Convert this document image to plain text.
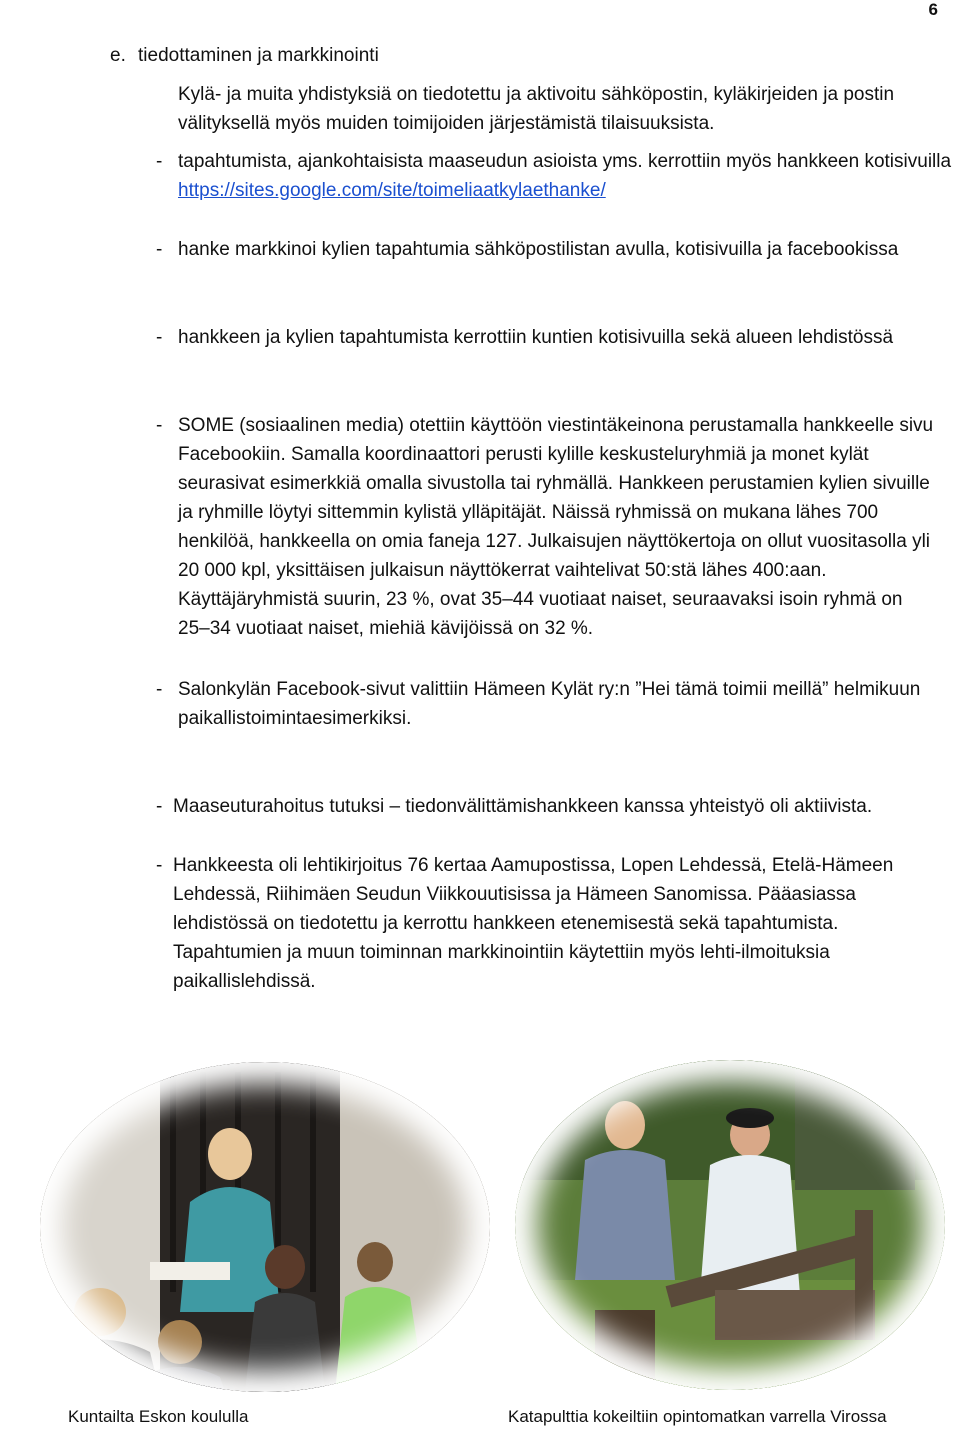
6
e. tiedottaminen ja markkinointi
Kylä- ja muita yhdistyksiä on tiedotettu ja aktivoitu sähköpostin, kyläkirjeiden ja postin välityksellä myös muiden toimijoiden järjestämistä tilaisuuksista.
- tapahtumista, ajankohtaisista maaseudun asioista yms. kerrottiin myös hankkeen kotisivuilla https://sites.google.com/site/toimeliaatkylaethanke/
- hanke markkinoi kylien tapahtumia sähköpostilistan avulla, kotisivuilla ja facebookissa
- hankkeen ja kylien tapahtumista kerrottiin kuntien kotisivuilla sekä alueen lehdistössä
- SOME (sosiaalinen media) otettiin käyttöön viestintäkeinona perustamalla hankkeelle sivu Facebookiin. Samalla koordinaattori perusti kylille keskusteluryhmiä ja monet kylät seurasivat esimerkkiä omalla sivustolla tai ryhmällä. Hankkeen perustamien kylien sivuille ja ryhmille löytyi sittemmin kylistä ylläpitäjät. Näissä ryhmissä on mukana lähes 700 henkilöä, hankkeella on omia faneja 127. Julkaisujen näyttökertoja on ollut vuositasolla yli 20 000 kpl, yksittäisen julkaisun näyttökerrat vaihtelivat 50:stä lähes 400:aan. Käyttäjäryhmistä suurin, 23 %, ovat 35–44 vuotiaat naiset, seuraavaksi isoin ryhmä on 25–34 vuotiaat naiset, miehiä kävijöissä on 32 %.
- Salonkylän Facebook-sivut valittiin Hämeen Kylät ry:n ”Hei tämä toimii meillä” helmikuun paikallistoimintaesimerkiksi.
- Maaseuturahoitus tutuksi – tiedonvälittämishankkeen kanssa yhteistyö oli aktiivista.
- Hankkeesta oli lehtikirjoitus 76 kertaa Aamupostissa, Lopen Lehdessä, Etelä-Hämeen Lehdessä, Riihimäen Seudun Viikkouutisissa ja Hämeen Sanomissa. Pääasiassa lehdistössä on tiedotettu ja kerrottu hankkeen etenemisestä sekä tapahtumista. Tapahtumien ja muun toiminnan markkinointiin käytettiin myös lehti-ilmoituksia paikallislehdissä.
Kuntailta Eskon koululla	Katapulttia kokeiltiin opintomatkan varrella Virossa
